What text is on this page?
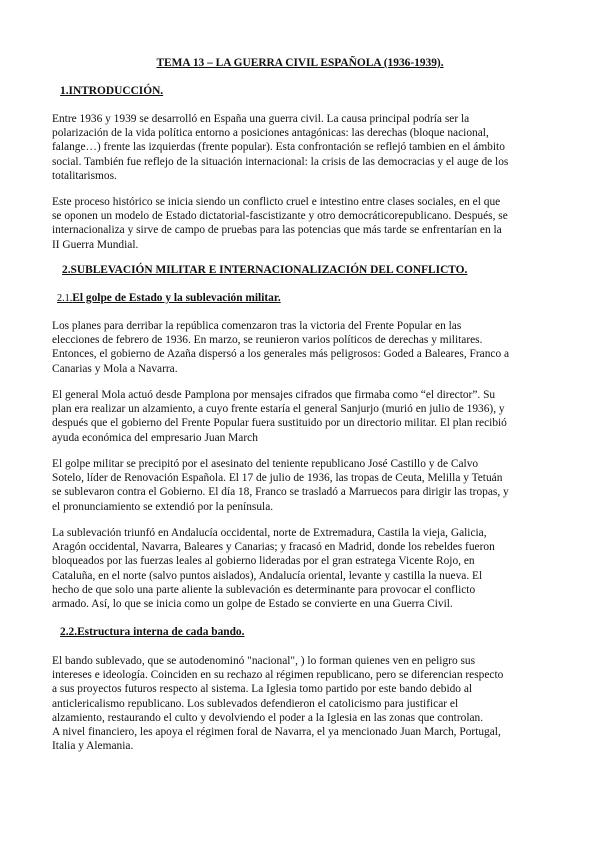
TEMA 13 – LA GUERRA CIVIL ESPAÑOLA (1936-1939).
1.INTRODUCCIÓN.
Entre 1936 y 1939 se desarrolló en España una guerra civil. La causa principal podría ser la
polarización de la vida política entorno a posiciones antagónicas: las derechas (bloque nacional,
falange…) frente las izquierdas (frente popular). Esta confrontación se reflejó tambien en el ámbito
social. También fue reflejo de la situación internacional: la crisis de las democracias y el auge de los
totalitarismos.
Este proceso histórico se inicia siendo un conflicto cruel e intestino entre clases sociales, en el que
se oponen un modelo de Estado dictatorial-fascistizante y otro democráticorepublicano. Después, se
internacionaliza y sirve de campo de pruebas para las potencias que más tarde se enfrentarían en la
II Guerra Mundial.
2.SUBLEVACIÓN MILITAR E INTERNACIONALIZACIÓN DEL CONFLICTO.
2.1.El golpe de Estado y la sublevación militar.
Los planes para derribar la república comenzaron tras la victoria del Frente Popular en las
elecciones de febrero de 1936. En marzo, se reunieron varios políticos de derechas y militares.
Entonces, el gobierno de Azaña dispersó a los generales más peligrosos: Goded a Baleares, Franco a
Canarias y Mola a Navarra.
El general Mola actuó desde Pamplona por mensajes cifrados que firmaba como “el director”. Su
plan era realizar un alzamiento, a cuyo frente estaría el general Sanjurjo (murió en julio de 1936), y
después que el gobierno del Frente Popular fuera sustituido por un directorio militar. El plan recibió
ayuda económica del empresario Juan March
El golpe militar se precipitó por el asesinato del teniente republicano José Castillo y de Calvo
Sotelo, líder de Renovación Española. El 17 de julio de 1936, las tropas de Ceuta, Melilla y Tetuán
se sublevaron contra el Gobierno. El día 18, Franco se trasladó a Marruecos para dirigir las tropas, y
el pronunciamiento se extendió por la península.
La sublevación triunfó en Andalucía occidental, norte de Extremadura, Castila la vieja, Galicia,
Aragón occidental, Navarra, Baleares y Canarias; y fracasó en Madrid, donde los rebeldes fueron
bloqueados por las fuerzas leales al gobierno lideradas por el gran estratega Vicente Rojo, en
Cataluña, en el norte (salvo puntos aislados), Andalucía oriental, levante y castilla la nueva. El
hecho de que solo una parte aliente la sublevación es determinante para provocar el conflicto
armado. Así, lo que se inicia como un golpe de Estado se convierte en una Guerra Civil.
2.2.Estructura interna de cada bando.
El bando sublevado, que se autodenominó "nacional", ) lo forman quienes ven en peligro sus
intereses e ideología. Coinciden en su rechazo al régimen republicano, pero se diferencian respecto
a sus proyectos futuros respecto al sistema. La Iglesia tomo partido por este bando debido al
anticlericalismo republicano. Los sublevados defendieron el catolicismo para justificar el
alzamiento, restaurando el culto y devolviendo el poder a la Iglesia en las zonas que controlan.
A nivel financiero, les apoya el régimen foral de Navarra, el ya mencionado Juan March, Portugal,
Italia y Alemania.
